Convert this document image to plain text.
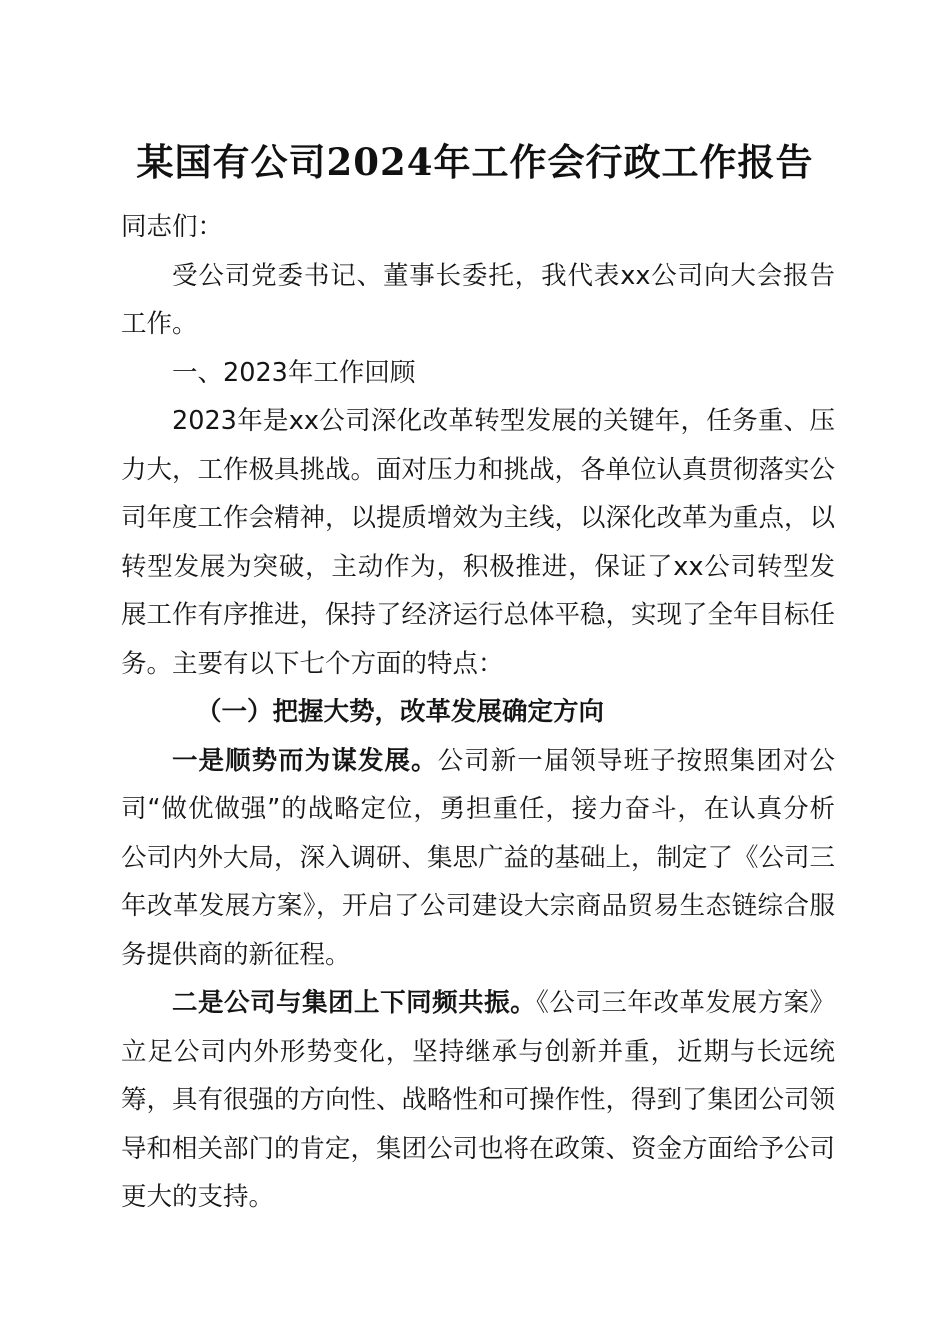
某国有公司2024年工作会行政工作报告

同志们：

受公司党委书记、董事长委托，我代表xx公司向大会报告工作。

一、2023年工作回顾

2023年是xx公司深化改革转型发展的关键年，任务重、压力大，工作极具挑战。面对压力和挑战，各单位认真贯彻落实公司年度工作会精神，以提质增效为主线，以深化改革为重点，以转型发展为突破，主动作为，积极推进，保证了xx公司转型发展工作有序推进，保持了经济运行总体平稳，实现了全年目标任务。主要有以下七个方面的特点：

（一）把握大势，改革发展确定方向

一是顺势而为谋发展。公司新一届领导班子按照集团对公司“做优做强”的战略定位，勇担重任，接力奋斗，在认真分析公司内外大局，深入调研、集思广益的基础上，制定了《公司三年改革发展方案》，开启了公司建设大宗商品贸易生态链综合服务提供商的新征程。

二是公司与集团上下同频共振。《公司三年改革发展方案》立足公司内外形势变化，坚持继承与创新并重，近期与长远统筹，具有很强的方向性、战略性和可操作性，得到了集团公司领导和相关部门的肯定，集团公司也将在政策、资金方面给予公司更大的支持。
